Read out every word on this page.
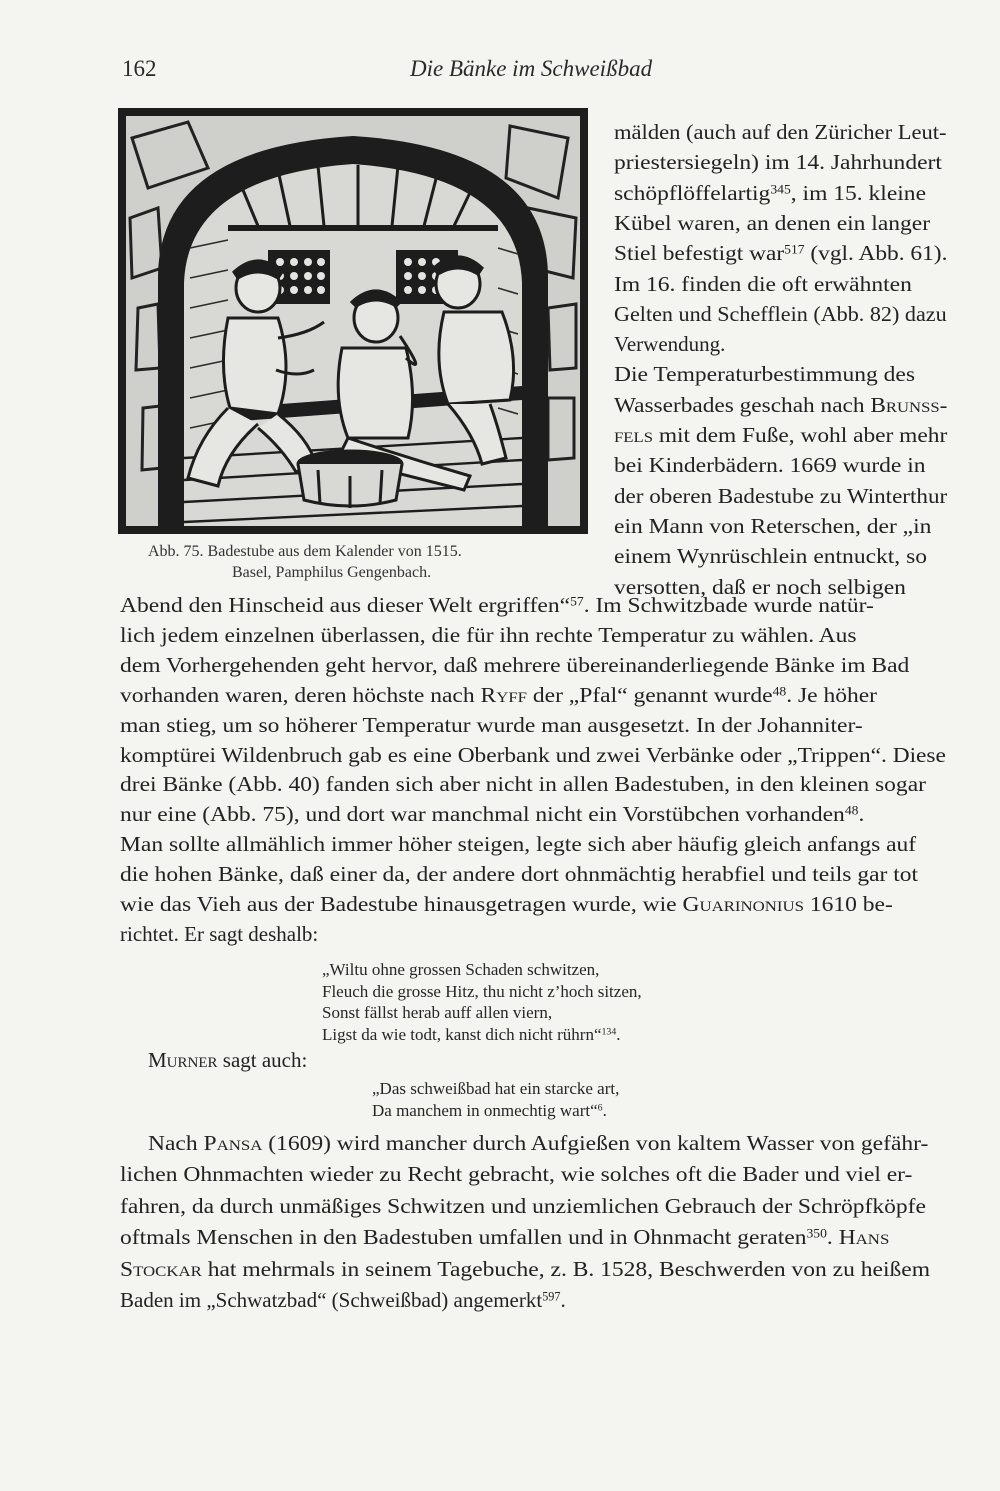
162	Die Bänke im Schweißbad
Abb. 75. Badestube aus dem Kalender von 1515.
Basel, Pamphilus Gengenbach.
mälden (auch auf den Züricher Leut-
priestersiegeln) im 14. Jahrhundert
schöpflöffelartig$^{345}$, im 15. kleine
Kübel waren, an denen ein langer
Stiel befestigt war$^{517}$ (vgl. Abb. 61).
Im 16. finden die oft erwähnten
Gelten und Schefflein (Abb. 82) dazu
Verwendung.
Die Temperaturbestimmung des
Wasserbades geschah nach Brunss-
fels mit dem Fuße, wohl aber mehr
bei Kinderbädern. 1669 wurde in
der oberen Badestube zu Winterthur
ein Mann von Reterschen, der „in
einem Wynrüschlein entnuckt, so
versotten, daß er noch selbigen
Abend den Hinscheid aus dieser Welt ergriffen“$^{57}$. Im Schwitzbade wurde natür-
lich jedem einzelnen überlassen, die für ihn rechte Temperatur zu wählen. Aus
dem Vorhergehenden geht hervor, daß mehrere übereinanderliegende Bänke im Bad
vorhanden waren, deren höchste nach Ryff der „Pfal“ genannt wurde$^{48}$. Je höher
man stieg, um so höherer Temperatur wurde man ausgesetzt. In der Johanniter-
komptürei Wildenbruch gab es eine Oberbank und zwei Verbänke oder „Trippen“. Diese
drei Bänke (Abb. 40) fanden sich aber nicht in allen Badestuben, in den kleinen sogar
nur eine (Abb. 75), und dort war manchmal nicht ein Vorstübchen vorhanden$^{48}$.
Man sollte allmählich immer höher steigen, legte sich aber häufig gleich anfangs auf
die hohen Bänke, daß einer da, der andere dort ohnmächtig herabfiel und teils gar tot
wie das Vieh aus der Badestube hinausgetragen wurde, wie Guarinonius 1610 be-
richtet. Er sagt deshalb:
„Wiltu ohne grossen Schaden schwitzen,
Fleuch die grosse Hitz, thu nicht z’hoch sitzen,
Sonst fällst herab auff allen viern,
Ligst da wie todt, kanst dich nicht rührn“$^{134}$.
Murner sagt auch:
„Das schweißbad hat ein starcke art,
Da manchem in onmechtig wart“$^6$.
Nach Pansa (1609) wird mancher durch Aufgießen von kaltem Wasser von gefähr-
lichen Ohnmachten wieder zu Recht gebracht, wie solches oft die Bader und viel er-
fahren, da durch unmäßiges Schwitzen und unziemlichen Gebrauch der Schröpfköpfe
oftmals Menschen in den Badestuben umfallen und in Ohnmacht geraten$^{350}$. Hans
Stockar hat mehrmals in seinem Tagebuche, z. B. 1528, Beschwerden von zu heißem
Baden im „Schwatzbad“ (Schweißbad) angemerkt$^{597}$.
